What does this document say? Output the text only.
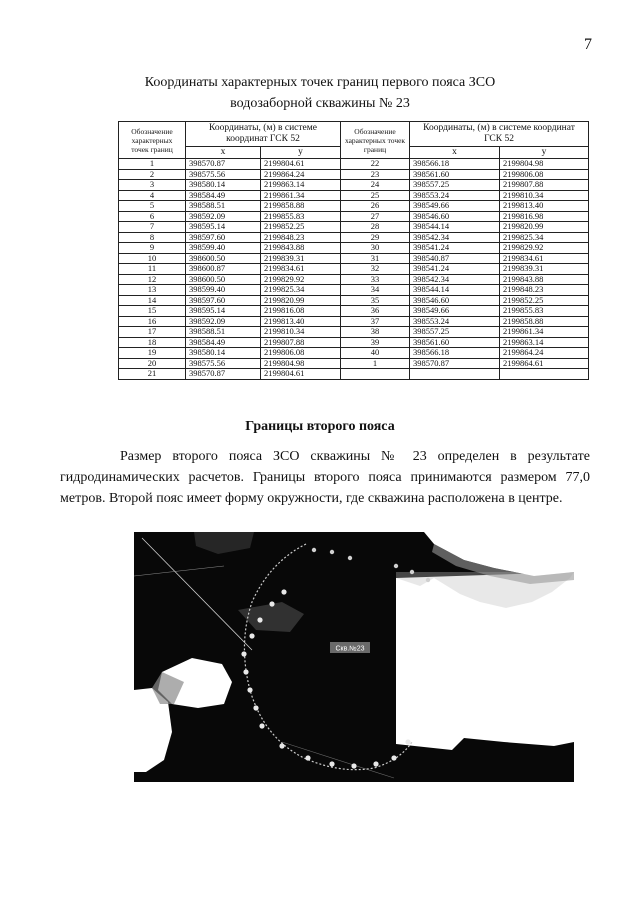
7
Координаты характерных точек границ первого пояса ЗСО
водозаборной скважины № 23
Обозначение характерных точек границ	Координаты, (м) в системе координат ГСК 52		Обозначение характерных точек границ	Координаты, (м) в системе координат ГСК 52	
	x	y		x	y
1	398570.87	2199804.61	22	398566.18	2199804.98
2	398575.56	2199864.24	23	398561.60	2199806.08
3	398580.14	2199863.14	24	398557.25	2199807.88
4	398584.49	2199861.34	25	398553.24	2199810.34
5	398588.51	2199858.88	26	398549.66	2199813.40
6	398592.09	2199855.83	27	398546.60	2199816.98
7	398595.14	2199852.25	28	398544.14	2199820.99
8	398597.60	2199848.23	29	398542.34	2199825.34
9	398599.40	2199843.88	30	398541.24	2199829.92
10	398600.50	2199839.31	31	398540.87	2199834.61
11	398600.87	2199834.61	32	398541.24	2199839.31
12	398600.50	2199829.92	33	398542.34	2199843.88
13	398599.40	2199825.34	34	398544.14	2199848.23
14	398597.60	2199820.99	35	398546.60	2199852.25
15	398595.14	2199816.08	36	398549.66	2199855.83
16	398592.09	2199813.40	37	398553.24	2199858.88
17	398588.51	2199810.34	38	398557.25	2199861.34
18	398584.49	2199807.88	39	398561.60	2199863.14
19	398580.14	2199806.08	40	398566.18	2199864.24
20	398575.56	2199804.98	1	398570.87	2199864.61
21	398570.87	2199804.61			
Границы второго пояса

Размер второго пояса ЗСО скважины № 23 определен в результате гидродинамических расчетов. Границы второго пояса принимаются размером 77,0 метров. Второй пояс имеет форму окружности, где скважина расположена в центре.

Скв.№23
